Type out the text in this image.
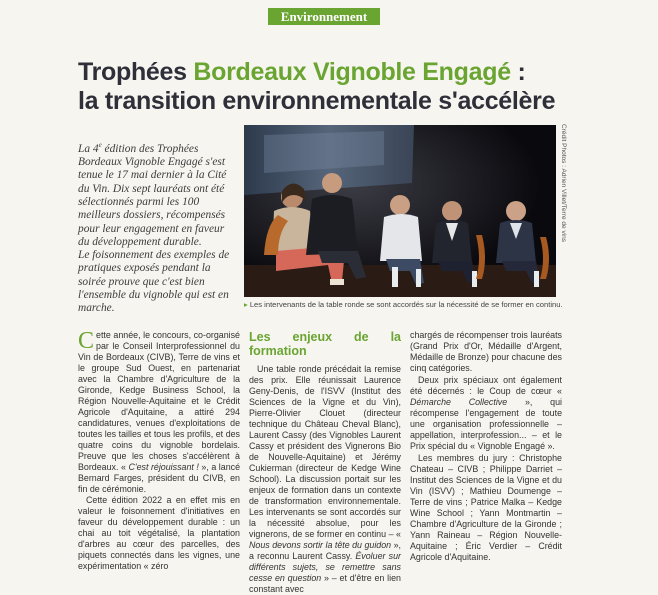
Environnement
Trophées Bordeaux Vignoble Engagé :
la transition environnementale s'accélère

La 4e édition des Trophées Bordeaux Vignoble Engagé s'est tenue le 17 mai dernier à la Cité du Vin. Dix sept lauréats ont été sélectionnés parmi les 100 meilleurs dossiers, récompensés pour leur engagement en faveur du développement durable.

Le foisonnement des exemples de pratiques exposés pendant la soirée prouve que c'est bien l'ensemble du vignoble qui est en marche.

Crédit Photos : Adrien Villet/Terre de vins
▸ Les intervenants de la table ronde se sont accordés sur la nécessité de se former en continu.

Cette année, le concours, co-organisé par le Conseil Interprofessionnel du Vin de Bordeaux (CIVB), Terre de vins et le groupe Sud Ouest, en partenariat avec la Chambre d'Agriculture de la Gironde, Kedge Business School, la Région Nouvelle-Aquitaine et le Crédit Agricole d'Aquitaine, a attiré 294 candidatures, venues d'exploitations de toutes les tailles et tous les profils, et des quatre coins du vignoble bordelais. Preuve que les choses s'accélèrent à Bordeaux. « C'est réjouissant ! », a lancé Bernard Farges, président du CIVB, en fin de cérémonie.

Cette édition 2022 a en effet mis en valeur le foisonnement d'initiatives en faveur du développement durable : un chai au toit végétalisé, la plantation d'arbres au cœur des parcelles, des piquets connectés dans les vignes, une expérimentation « zéro

Les enjeux de la formation

Une table ronde précédait la remise des prix. Elle réunissait Laurence Geny-Denis, de l'ISVV (Institut des Sciences de la Vigne et du Vin), Pierre-Olivier Clouet (directeur technique du Château Cheval Blanc), Laurent Cassy (des Vignobles Laurent Cassy et président des Vignerons Bio de Nouvelle-Aquitaine) et Jérémy Cukierman (directeur de Kedge Wine School). La discussion portait sur les enjeux de formation dans un contexte de transformation environnementale. Les intervenants se sont accordés sur la nécessité absolue, pour les vignerons, de se former en continu – « Nous devons sortir la tête du guidon », a reconnu Laurent Cassy. Évoluer sur différents sujets, se remettre sans cesse en question » – et d'être en lien constant avec

chargés de récompenser trois lauréats (Grand Prix d'Or, Médaille d'Argent, Médaille de Bronze) pour chacune des cinq catégories.

Deux prix spéciaux ont également été décernés : le Coup de cœur « Démarche Collective », qui récompense l'engagement de toute une organisation professionnelle – appellation, interprofession... – et le Prix spécial du « Vignoble Engagé ».

Les membres du jury : Christophe Chateau – CIVB ; Philippe Darriet – Institut des Sciences de la Vigne et du Vin (ISVV) ; Mathieu Doumenge – Terre de vins ; Patrice Malka – Kedge Wine School ; Yann Montmartin – Chambre d'Agriculture de la Gironde ; Yann Raineau – Région Nouvelle-Aquitaine ; Éric Verdier – Crédit Agricole d'Aquitaine.
